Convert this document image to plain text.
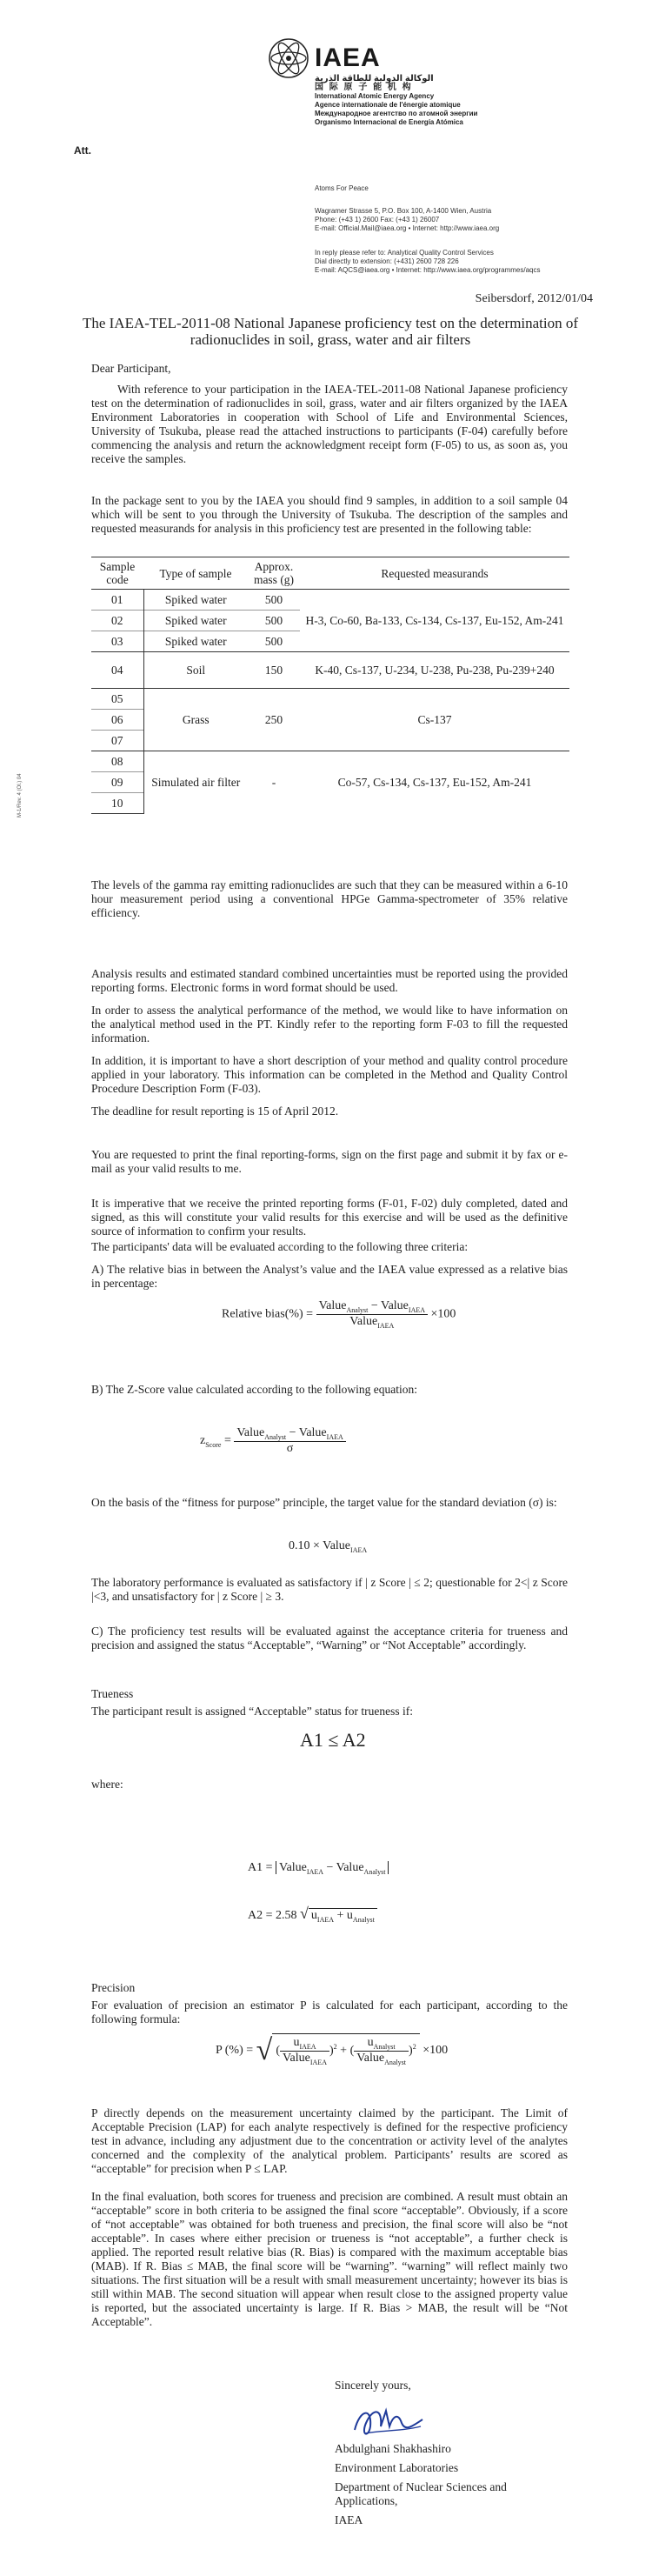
IAEA
الوكالة الدولية للطاقة الذرية
国 际 原 子 能 机 构
International Atomic Energy Agency
Agence internationale de l'énergie atomique
Международное агентство по атомной энергии
Organismo Internacional de Energía Atómica
Att.
Atoms For Peace
Wagramer Strasse 5, P.O. Box 100, A-1400 Wien, Austria
Phone: (+43 1) 2600 Fax: (+43 1) 26007
E-mail: Official.Mail@iaea.org • Internet: http://www.iaea.org
In reply please refer to: Analytical Quality Control Services
Dial directly to extension: (+431) 2600 728 226
E-mail: AQCS@iaea.org • Internet: http://www.iaea.org/programmes/aqcs
M-1/Rev. 4 (Ol.) 04
Seibersdorf, 2012/01/04
The IAEA-TEL-2011-08 National Japanese proficiency test on the determination of radionuclides in soil, grass, water and air filters
Dear Participant,
With reference to your participation in the IAEA-TEL-2011-08 National Japanese proficiency test on the determination of radionuclides in soil, grass, water and air filters organized by the IAEA Environment Laboratories in cooperation with School of Life and Environmental Sciences, University of Tsukuba, please read the attached instructions to participants (F-04) carefully before commencing the analysis and return the acknowledgment receipt form (F-05) to us, as soon as, you receive the samples.
In the package sent to you by the IAEA you should find 9 samples, in addition to a soil sample 04 which will be sent to you through the University of Tsukuba. The description of the samples and requested measurands for analysis in this proficiency test are presented in the following table:
Sample code	Type of sample	Approx. mass (g)	Requested measurands
01	Spiked water	500	H-3, Co-60, Ba-133, Cs-134, Cs-137, Eu-152, Am-241
02	Spiked water	500	
03	Spiked water	500	
04	Soil	150	K-40, Cs-137, U-234, U-238, Pu-238, Pu-239+240
05	Grass	250	Cs-137
06			
07			
08	Simulated air filter	-	Co-57, Cs-134, Cs-137, Eu-152, Am-241
09			
10			
The levels of the gamma ray emitting radionuclides are such that they can be measured within a 6-10 hour measurement period using a conventional HPGe Gamma-spectrometer of 35% relative efficiency.
Analysis results and estimated standard combined uncertainties must be reported using the provided reporting forms. Electronic forms in word format should be used.
In order to assess the analytical performance of the method, we would like to have information on the analytical method used in the PT. Kindly refer to the reporting form F-03 to fill the requested information.
In addition, it is important to have a short description of your method and quality control procedure applied in your laboratory. This information can be completed in the Method and Quality Control Procedure Description Form (F-03).
The deadline for result reporting is 15 of April 2012.
You are requested to print the final reporting-forms, sign on the first page and submit it by fax or e-mail as your valid results to me.
It is imperative that we receive the printed reporting forms (F-01, F-02) duly completed, dated and signed, as this will constitute your valid results for this exercise and will be used as the definitive source of information to confirm your results.
The participants' data will be evaluated according to the following three criteria:
A) The relative bias in between the Analyst’s value and the IAEA value expressed as a relative bias in percentage:
Relative bias(%) = $\frac{Value_{Analyst} - Value_{IAEA}}{Value_{IAEA}} \times 100$
B) The Z-Score value calculated according to the following equation:
$z_{Score} = \frac{Value_{Analyst} - Value_{IAEA}}{\sigma}$
On the basis of the “fitness for purpose” principle, the target value for the standard deviation (σ) is:
0.10 × Value$_{IAEA}$
The laboratory performance is evaluated as satisfactory if | z Score | ≤ 2; questionable for 2<| z Score |<3, and unsatisfactory for | z Score | ≥ 3.
C) The proficiency test results will be evaluated against the acceptance criteria for trueness and precision and assigned the status “Acceptable”, “Warning” or “Not Acceptable” accordingly.
Trueness
The participant result is assigned “Acceptable” status for trueness if:
A1 ≤ A2
where:
A1 = Value$_{IAEA}$ − Value$_{Analyst}$
A2 = 2.58 √ $u_{IAEA} + u_{Analyst}$
Precision
For evaluation of precision an estimator P is calculated for each participant, according to the following formula:
P (%) = √( $\frac{u_{IAEA}}{Value_{IAEA}} )^2$ + ( $\frac{u_{Analyst}}{Value_{Analyst}} )^2 \times 100$
P directly depends on the measurement uncertainty claimed by the participant. The Limit of Acceptable Precision (LAP) for each analyte respectively is defined for the respective proficiency test in advance, including any adjustment due to the concentration or activity level of the analytes concerned and the complexity of the analytical problem. Participants’ results are scored as “acceptable” for precision when P ≤ LAP.
In the final evaluation, both scores for trueness and precision are combined. A result must obtain an “acceptable” score in both criteria to be assigned the final score “acceptable”. Obviously, if a score of “not acceptable” was obtained for both trueness and precision, the final score will also be “not acceptable”. In cases where either precision or trueness is “not acceptable”, a further check is applied. The reported result relative bias (R. Bias) is compared with the maximum acceptable bias (MAB). If R. Bias ≤ MAB, the final score will be “warning”. “warning” will reflect mainly two situations. The first situation will be a result with small measurement uncertainty; however its bias is still within MAB. The second situation will appear when result close to the assigned property value is reported, but the associated uncertainty is large. If R. Bias > MAB, the result will be “Not Acceptable”.
Sincerely yours,
Abdulghani Shakhashiro
Environment Laboratories
Department of Nuclear Sciences and Applications,
IAEA
